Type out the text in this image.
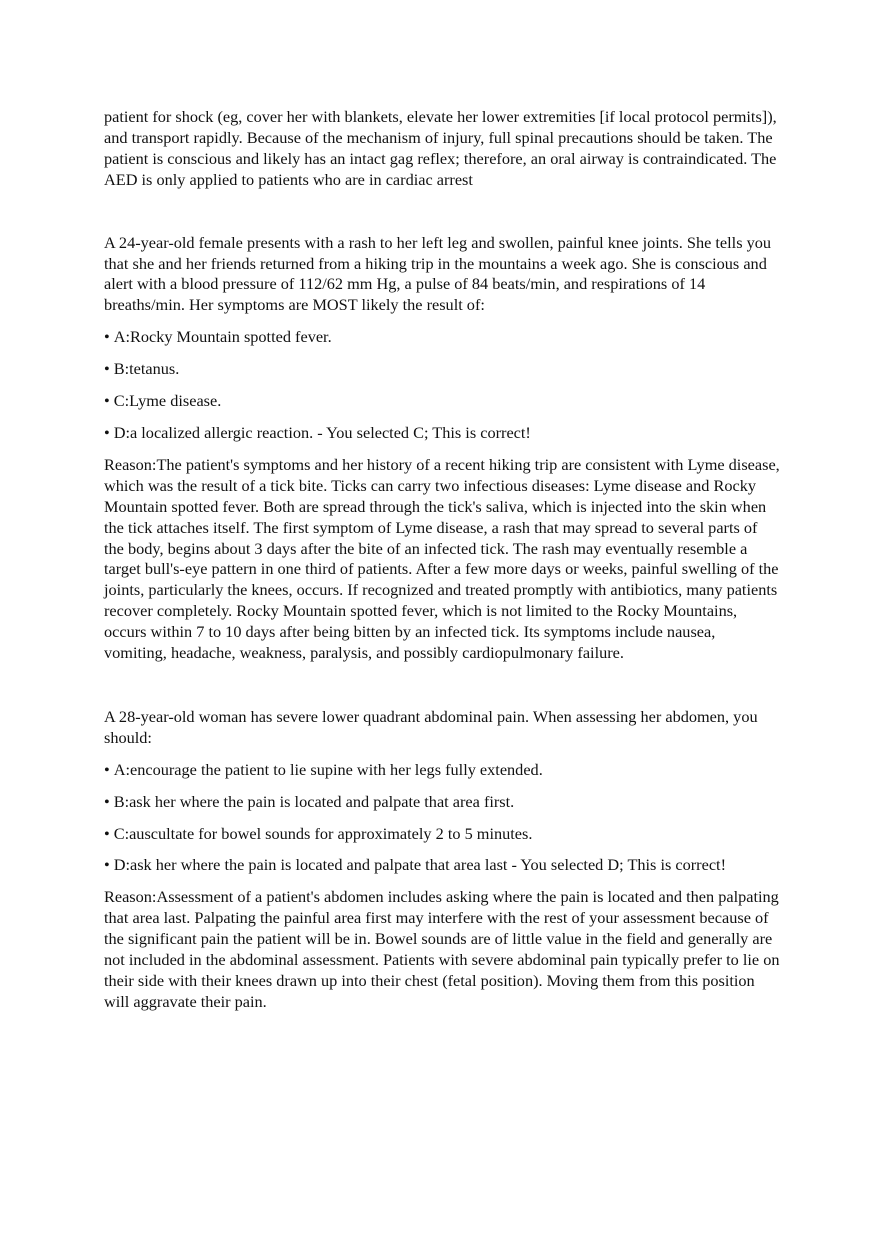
patient for shock (eg, cover her with blankets, elevate her lower extremities [if local protocol permits]), and transport rapidly. Because of the mechanism of injury, full spinal precautions should be taken. The patient is conscious and likely has an intact gag reflex; therefore, an oral airway is contraindicated. The AED is only applied to patients who are in cardiac arrest

A 24-year-old female presents with a rash to her left leg and swollen, painful knee joints. She tells you that she and her friends returned from a hiking trip in the mountains a week ago. She is conscious and alert with a blood pressure of 112/62 mm Hg, a pulse of 84 beats/min, and respirations of 14 breaths/min. Her symptoms are MOST likely the result of:

• A:Rocky Mountain spotted fever.

• B:tetanus.

• C:Lyme disease.

• D:a localized allergic reaction. - You selected C; This is correct!

Reason:The patient's symptoms and her history of a recent hiking trip are consistent with Lyme disease, which was the result of a tick bite. Ticks can carry two infectious diseases: Lyme disease and Rocky Mountain spotted fever. Both are spread through the tick's saliva, which is injected into the skin when the tick attaches itself. The first symptom of Lyme disease, a rash that may spread to several parts of the body, begins about 3 days after the bite of an infected tick. The rash may eventually resemble a target bull's-eye pattern in one third of patients. After a few more days or weeks, painful swelling of the joints, particularly the knees, occurs. If recognized and treated promptly with antibiotics, many patients recover completely. Rocky Mountain spotted fever, which is not limited to the Rocky Mountains, occurs within 7 to 10 days after being bitten by an infected tick. Its symptoms include nausea, vomiting, headache, weakness, paralysis, and possibly cardiopulmonary failure.

A 28-year-old woman has severe lower quadrant abdominal pain. When assessing her abdomen, you should:

• A:encourage the patient to lie supine with her legs fully extended.

• B:ask her where the pain is located and palpate that area first.

• C:auscultate for bowel sounds for approximately 2 to 5 minutes.

• D:ask her where the pain is located and palpate that area last - You selected D; This is correct!

Reason:Assessment of a patient's abdomen includes asking where the pain is located and then palpating that area last. Palpating the painful area first may interfere with the rest of your assessment because of the significant pain the patient will be in. Bowel sounds are of little value in the field and generally are not included in the abdominal assessment. Patients with severe abdominal pain typically prefer to lie on their side with their knees drawn up into their chest (fetal position). Moving them from this position will aggravate their pain.
